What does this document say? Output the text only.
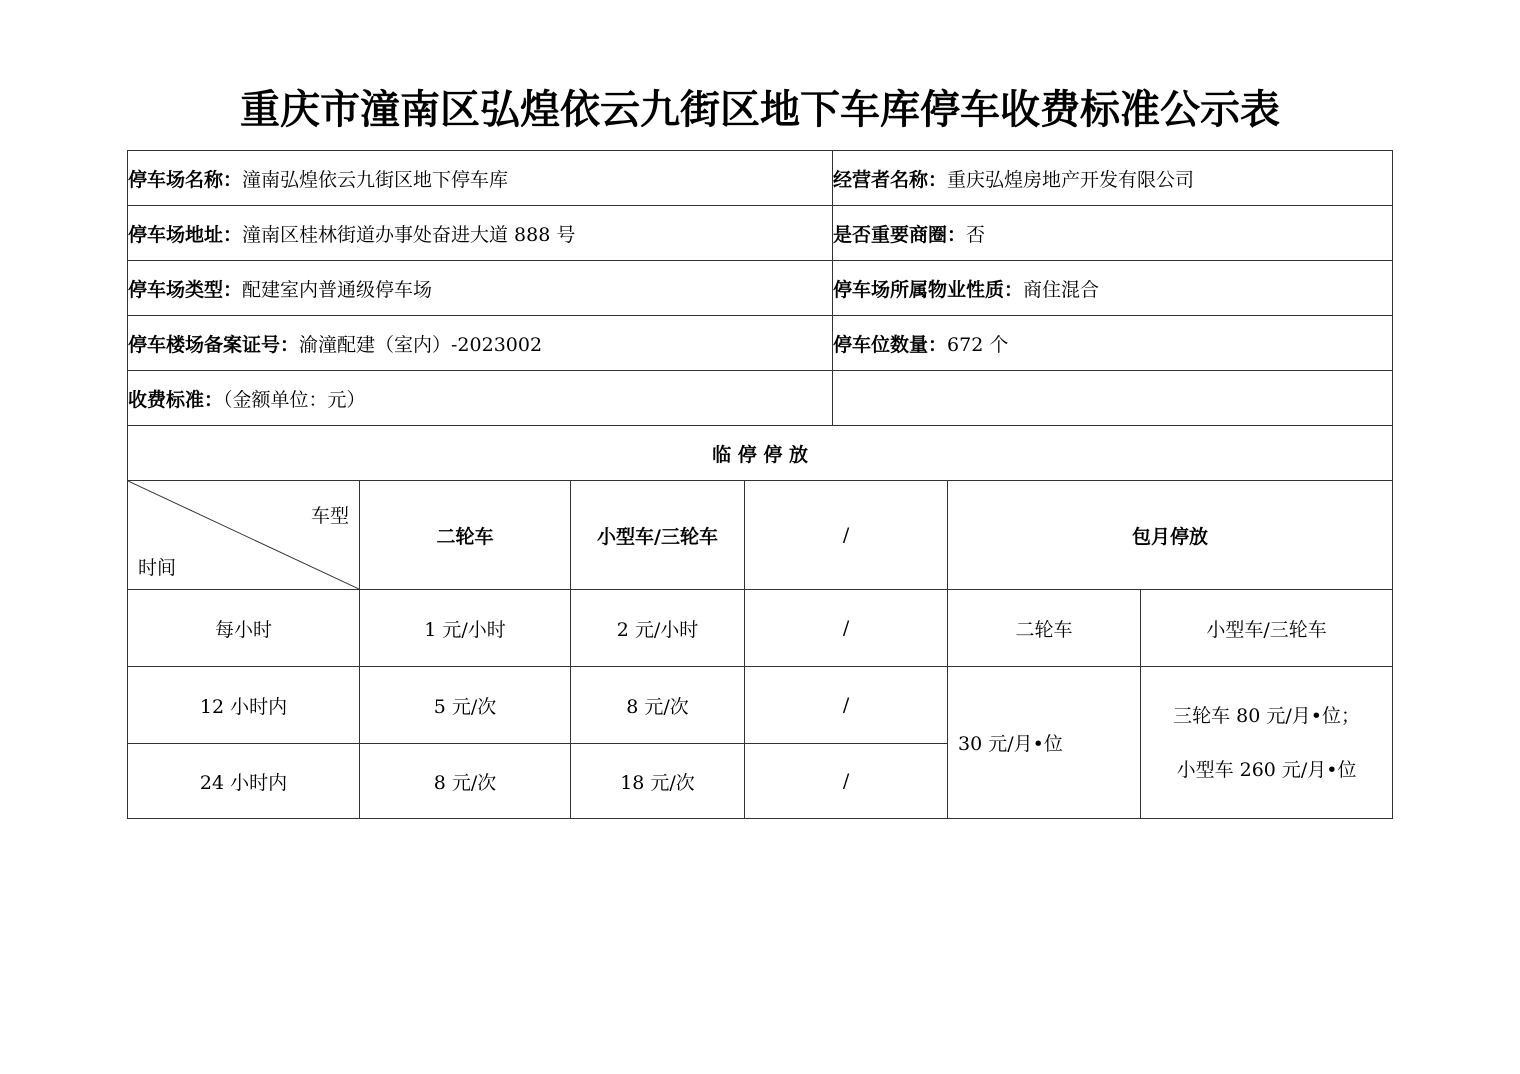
重庆市潼南区弘煌依云九街区地下车库停车收费标准公示表
停车场名称：潼南弘煌依云九街区地下停车库				经营者名称：重庆弘煌房地产开发有限公司		
停车场地址：潼南区桂林街道办事处奋进大道 888 号				是否重要商圈：否		
停车场类型：配建室内普通级停车场				停车场所属物业性质：商住混合		
停车楼场备案证号：渝潼配建（室内）-2023002				停车位数量：672 个		
收费标准：（金额单位：元）						
临 停 停 放						

车型
时间	二轮车	小型车/三轮车	/		包月停放	
每小时	1 元/小时	2 元/小时	/		二轮车	小型车/三轮车
12 小时内	5 元/次	8 元/次	/		30 元/月•位	三轮车 80 元/月•位；
小型车 260 元/月•位

24 小时内	8 元/次	18 元/次	/			
